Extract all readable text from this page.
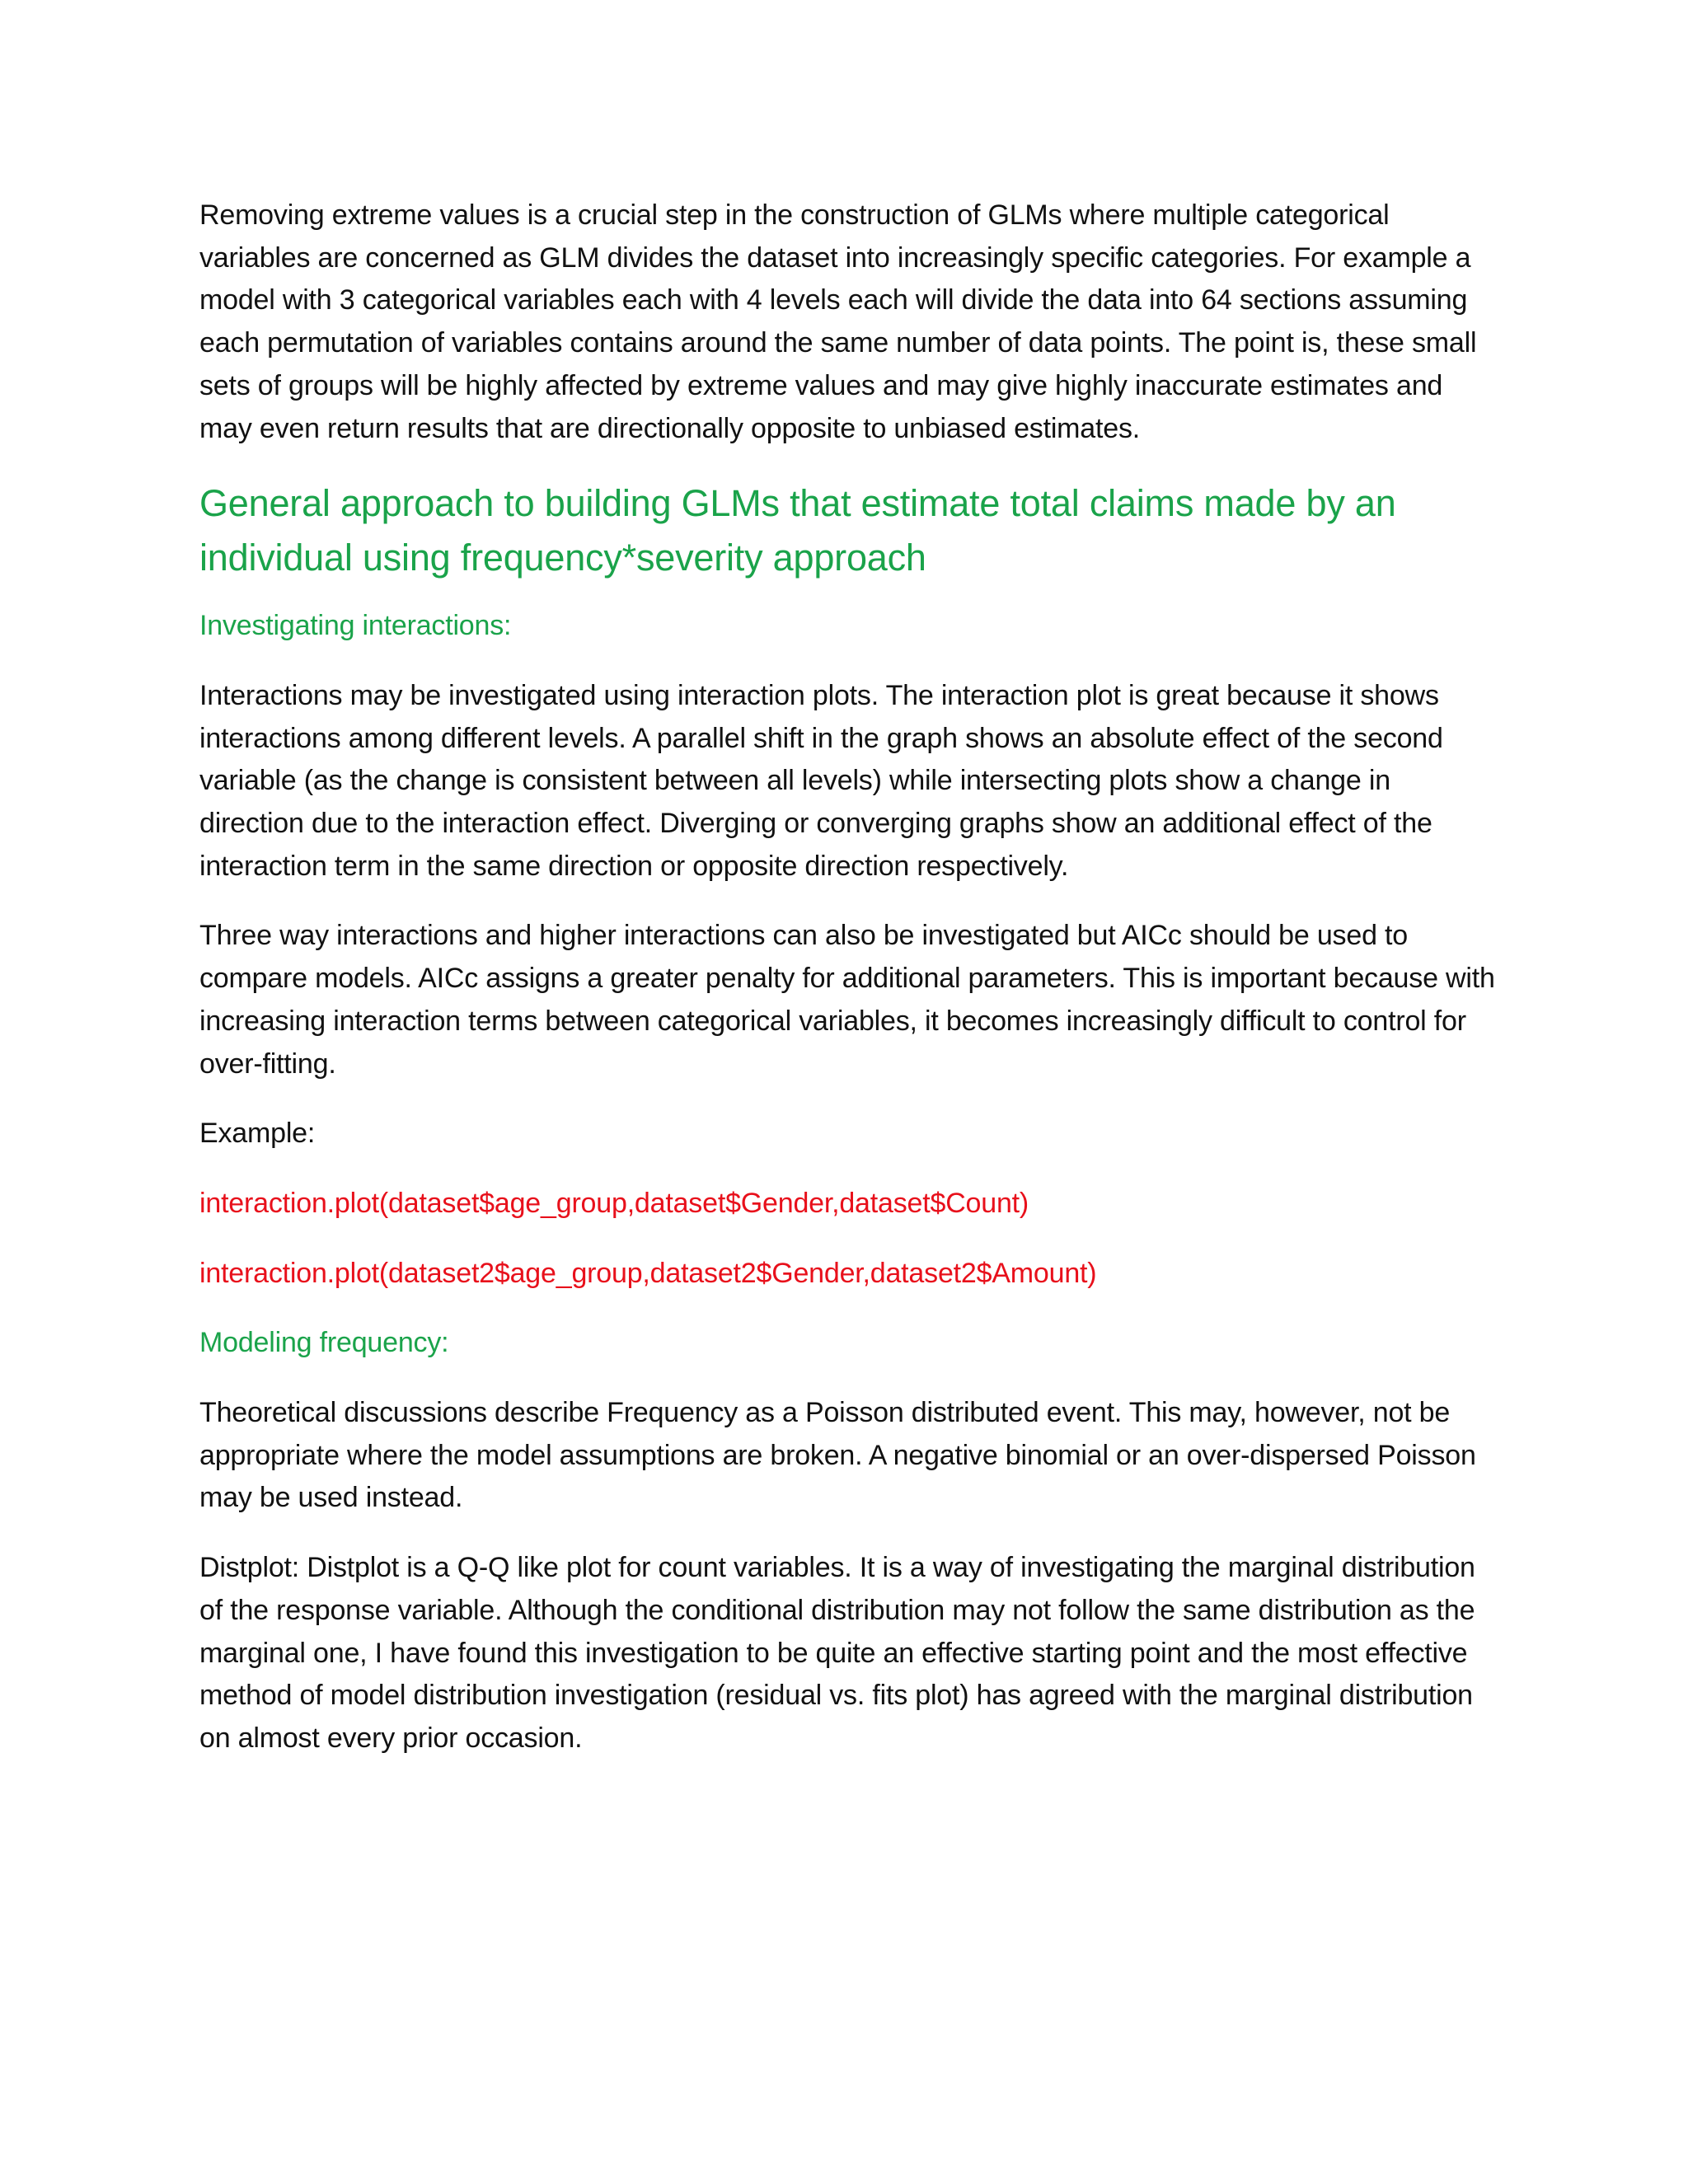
Removing extreme values is a crucial step in the construction of GLMs where multiple categorical variables are concerned as GLM divides the dataset into increasingly specific categories. For example a model with 3 categorical variables each with 4 levels each will divide the data into 64 sections assuming each permutation of variables contains around the same number of data points. The point is, these small sets of groups will be highly affected by extreme values and may give highly inaccurate estimates and may even return results that are directionally opposite to unbiased estimates.

General approach to building GLMs that estimate total claims made by an individual using frequency*severity approach
Investigating interactions:

Interactions may be investigated using interaction plots. The interaction plot is great because it shows interactions among different levels. A parallel shift in the graph shows an absolute effect of the second variable (as the change is consistent between all levels) while intersecting plots show a change in direction due to the interaction effect. Diverging or converging graphs show an additional effect of the interaction term in the same direction or opposite direction respectively.

Three way interactions and higher interactions can also be investigated but AICc should be used to compare models. AICc assigns a greater penalty for additional parameters. This is important because with increasing interaction terms between categorical variables, it becomes increasingly difficult to control for over-fitting.

Example:

interaction.plot(dataset$age_group,dataset$Gender,dataset$Count)

interaction.plot(dataset2$age_group,dataset2$Gender,dataset2$Amount)

Modeling frequency:

Theoretical discussions describe Frequency as a Poisson distributed event. This may, however, not be appropriate where the model assumptions are broken. A negative binomial or an over-dispersed Poisson may be used instead.

Distplot: Distplot is a Q-Q like plot for count variables. It is a way of investigating the marginal distribution of the response variable. Although the conditional distribution may not follow the same distribution as the marginal one, I have found this investigation to be quite an effective starting point and the most effective method of model distribution investigation (residual vs. fits plot) has agreed with the marginal distribution on almost every prior occasion.
